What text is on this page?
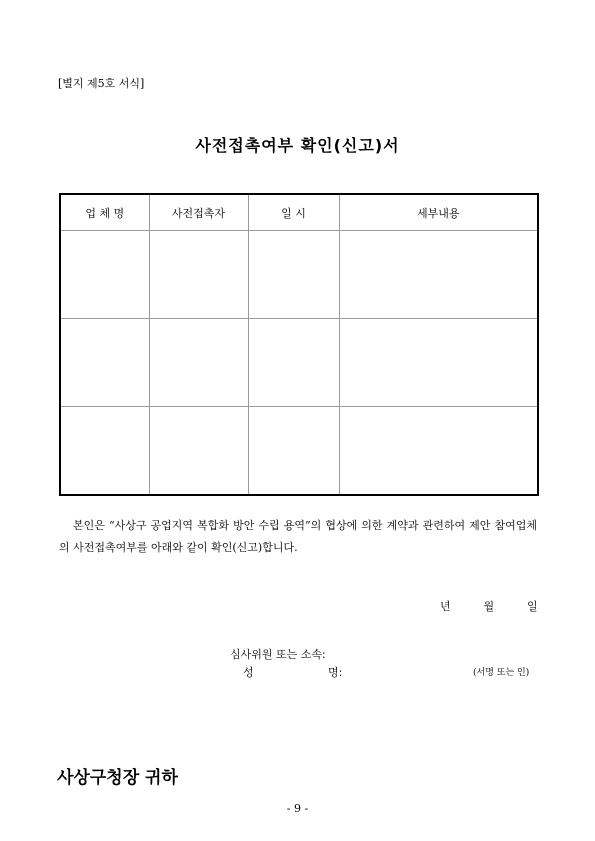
[별지 제5호 서식]
사전접촉여부 확인(신고)서
업 체 명	사전접촉자	일 시	세부내용

본인은 “사상구 공업지역 복합화 방안 수립 용역”의 협상에 의한 계약과 관련하여 제안 참여업체의 사전접촉여부를 아래와 같이 확인(신고)합니다.
년	월	일
심사위원 또는 소속:
성	명:	(서명 또는 인)
사상구청장 귀하
- 9 -
